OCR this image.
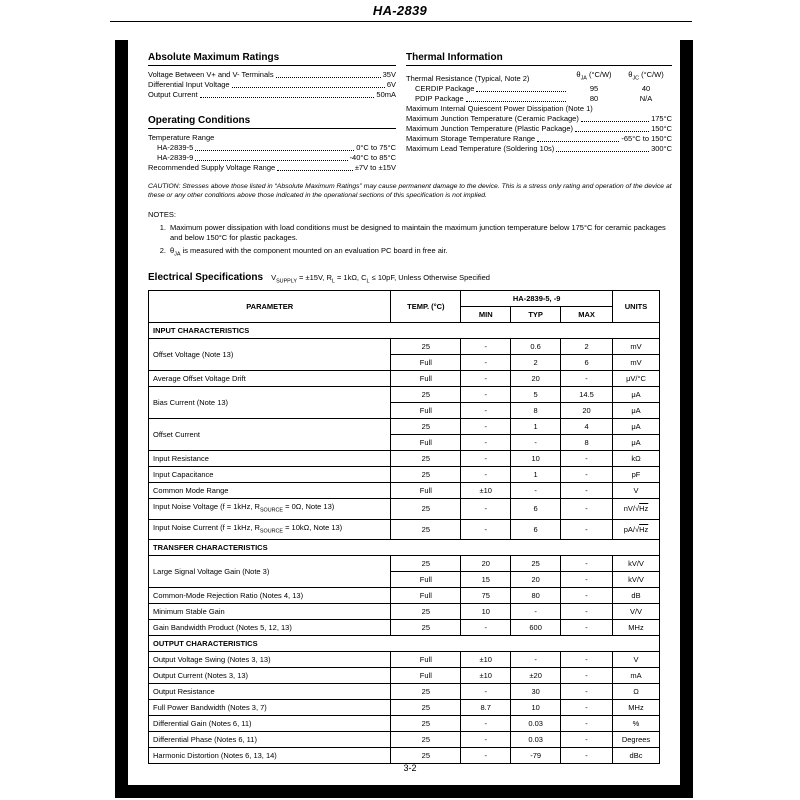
HA-2839
Absolute Maximum Ratings
Voltage Between V+ and V- Terminals	35V
Differential Input Voltage	6V
Output Current	50mA
Operating Conditions
Temperature Range
HA-2839-5	0°C to 75°C
HA-2839-9	-40°C to 85°C
Recommended Supply Voltage Range	±7V to ±15V
Thermal Information
Thermal Resistance (Typical, Note 2)	$\theta_{JA}$ (°C/W)	$\theta_{JC}$ (°C/W)
CERDIP Package	95	40
PDIP Package	80	N/A
Maximum Internal Quiescent Power Dissipation (Note 1)
Maximum Junction Temperature (Ceramic Package)	175°C
Maximum Junction Temperature (Plastic Package)	150°C
Maximum Storage Temperature Range	-65°C to 150°C
Maximum Lead Temperature (Soldering 10s)	300°C
CAUTION: Stresses above those listed in “Absolute Maximum Ratings” may cause permanent damage to the device. This is a stress only rating and operation of the device at these or any other conditions above those indicated in the operational sections of this specification is not implied.
NOTES:
1. Maximum power dissipation with load conditions must be designed to maintain the maximum junction temperature below 175°C for ceramic packages and below 150°C for plastic packages.
2. $\theta_{JA}$ is measured with the component mounted on an evaluation PC board in free air.
Electrical Specifications $V_{SUPPLY} = \pm 15V$, $R_L = 1k\Omega$, $C_L \le 10pF$, Unless Otherwise Specified
PARAMETER	TEMP. (°C)	HA-2839-5, -9			UNITS
		MIN	TYP	MAX	
INPUT CHARACTERISTICS					
Offset Voltage (Note 13)	25	-	0.6	2	mV
	Full	-	2	6	mV
Average Offset Voltage Drift	Full	-	20	-	μV/°C
Bias Current (Note 13)	25	-	5	14.5	μA
	Full	-	8	20	μA
Offset Current	25	-	1	4	μA
	Full	-	-	8	μA
Input Resistance	25	-	10	-	kΩ
Input Capacitance	25	-	1	-	pF
Common Mode Range	Full	±10	-	-	V
Input Noise Voltage (f = 1kHz, $R_{SOURCE} = 0\Omega$, Note 13)	25	-	6	-	nV/√Hz
Input Noise Current (f = 1kHz, $R_{SOURCE} = 10k\Omega$, Note 13)	25	-	6	-	pA/√Hz
TRANSFER CHARACTERISTICS					
Large Signal Voltage Gain (Note 3)	25	20	25	-	kV/V
	Full	15	20	-	kV/V
Common-Mode Rejection Ratio (Notes 4, 13)	Full	75	80	-	dB
Minimum Stable Gain	25	10	-	-	V/V
Gain Bandwidth Product (Notes 5, 12, 13)	25	-	600	-	MHz
OUTPUT CHARACTERISTICS					
Output Voltage Swing (Notes 3, 13)	Full	±10	-	-	V
Output Current (Notes 3, 13)	Full	±10	±20	-	mA
Output Resistance	25	-	30	-	Ω
Full Power Bandwidth (Notes 3, 7)	25	8.7	10	-	MHz
Differential Gain (Notes 6, 11)	25	-	0.03	-	%
Differential Phase (Notes 6, 11)	25	-	0.03	-	Degrees
Harmonic Distortion (Notes 6, 13, 14)	25	-	-79	-	dBc
3-2
